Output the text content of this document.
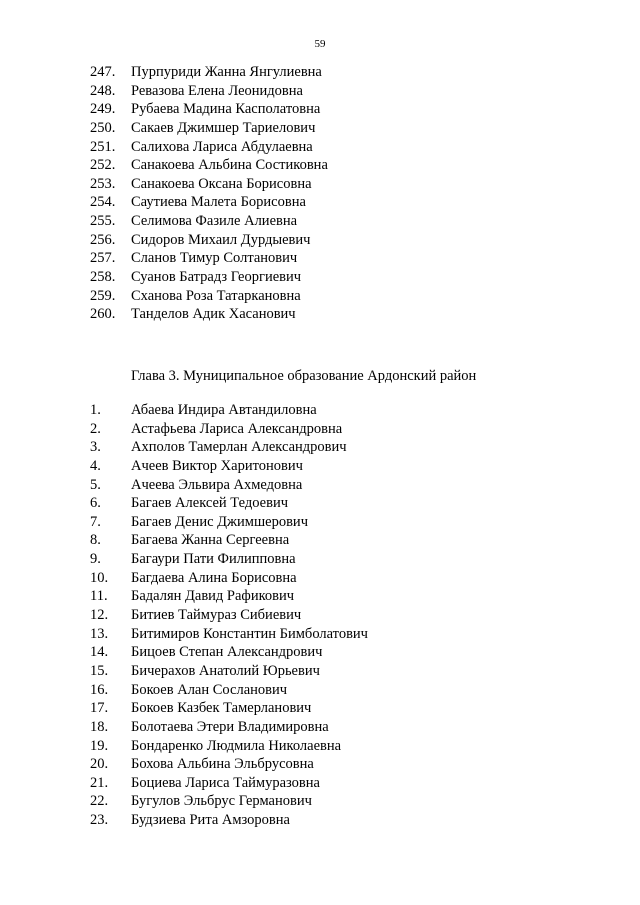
59
247. Пурпуриди Жанна Янгулиевна
248. Ревазова Елена Леонидовна
249. Рубаева Мадина Касполатовна
250. Сакаев Джимшер Тариелович
251. Салихова Лариса Абдулаевна
252. Санакоева Альбина Состиковна
253. Санакоева Оксана Борисовна
254. Саутиева Малета Борисовна
255. Селимова Фазиле Алиевна
256. Сидоров Михаил Дурдыевич
257. Сланов Тимур Солтанович
258. Суанов Батрадз Георгиевич
259. Сханова Роза Татаркановна
260. Танделов Адик Хасанович
Глава 3. Муниципальное образование Ардонский район
1. Абаева Индира Автандиловна
2. Астафьева Лариса Александровна
3. Ахполов Тамерлан Александрович
4. Ачеев Виктор Харитонович
5. Ачеева Эльвира Ахмедовна
6. Багаев Алексей Тедоевич
7. Багаев Денис Джимшерович
8. Багаева Жанна Сергеевна
9. Багаури Пати Филипповна
10. Багдаева Алина Борисовна
11. Бадалян Давид Рафикович
12. Битиев Таймураз Сибиевич
13. Битимиров Константин Бимболатович
14. Бицоев Степан Александрович
15. Бичерахов Анатолий Юрьевич
16. Бокоев Алан Сосланович
17. Бокоев Казбек Тамерланович
18. Болотаева Этери Владимировна
19. Бондаренко Людмила Николаевна
20. Бохова Альбина Эльбрусовна
21. Боциева Лариса Таймуразовна
22. Бугулов Эльбрус Германович
23. Будзиева Рита Амзоровна
